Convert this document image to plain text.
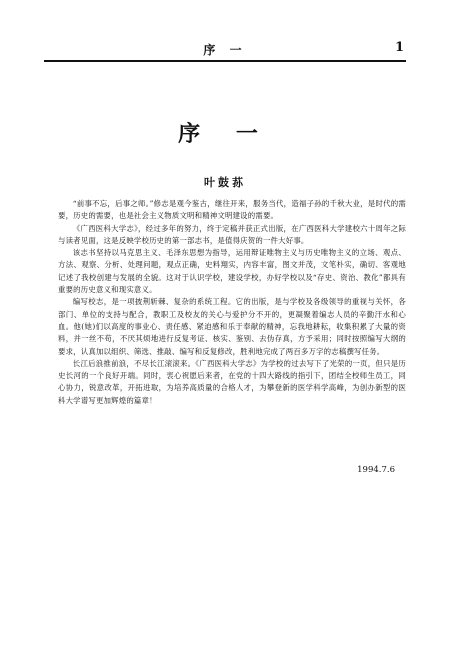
序 一	1
序 一
叶鼓荪

“前事不忘，后事之师。”修志是观今鉴古，继往开来，服务当代，造福子孙的千秋大业，是时代的需要，历史的需要，也是社会主义物质文明和精神文明建设的需要。

《广西医科大学志》，经过多年的努力，终于定稿并获正式出版，在广西医科大学建校六十周年之际与读者见面，这是反映学校历史的第一部志书，是值得庆贺的一件大好事。

该志书坚持以马克思主义、毛泽东思想为指导，运用辩证唯物主义与历史唯物主义的立场、观点、方法、观察、分析、处理问题，观点正确，史料翔实，内容丰富，图文并茂，文笔朴实，确切、客观地记述了我校创建与发展的全貌。这对于认识学校，建设学校，办好学校以及“存史、资治、教化”都具有重要的历史意义和现实意义。

编写校志，是一项披荆斩棘、复杂的系统工程。它的出版，是与学校及各级领导的重视与关怀，各部门、单位的支持与配合，教职工及校友的关心与爱护分不开的，更凝聚着编志人员的辛勤汗水和心血。他(她)们以高度的事业心、责任感、紧迫感和乐于奉献的精神，忘我地耕耘，收集积累了大量的资料，并一丝不苟，不厌其烦地进行反复考证、核实、鉴别、去伪存真，方予采用；同时按照编写大纲的要求，认真加以组织、筛选、推敲、编写和反复修改，胜利地完成了两百多万字的志稿撰写任务。

长江后浪推前浪，不尽长江滚滚来。《广西医科大学志》为学校的过去写下了光荣的一页，但只是历史长河的一个良好开端。同时，衷心祝愿后来者，在党的十四大路线的指引下，团结全校师生员工，同心协力，锐意改革，开拓进取，为培养高质量的合格人才，为攀登新的医学科学高峰，为创办新型的医科大学谱写更加辉煌的篇章！

1994.7.6
